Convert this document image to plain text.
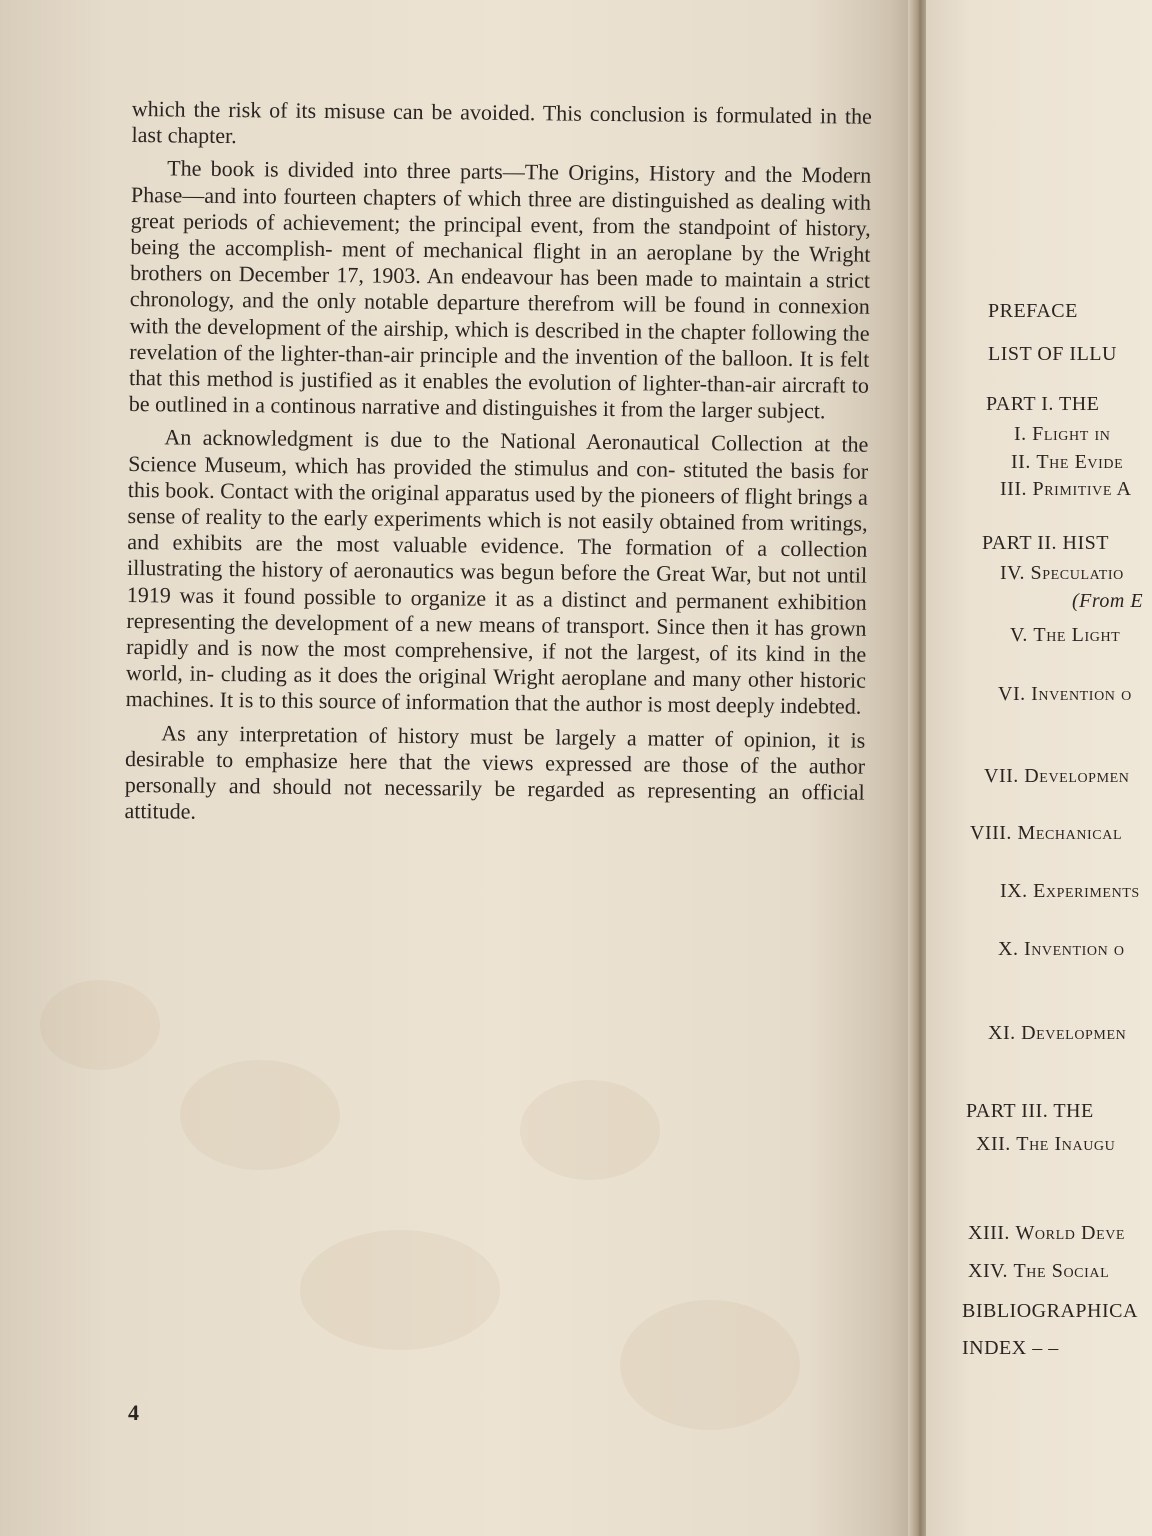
which the risk of its misuse can be avoided. This conclusion is formulated in the last chapter.

The book is divided into three parts—The Origins, History and the Modern Phase—and into fourteen chapters of which three are distinguished as dealing with great periods of achievement; the principal event, from the standpoint of history, being the accomplish- ment of mechanical flight in an aeroplane by the Wright brothers on December 17, 1903. An endeavour has been made to maintain a strict chronology, and the only notable departure therefrom will be found in connexion with the development of the airship, which is described in the chapter following the revelation of the lighter-than-air principle and the invention of the balloon. It is felt that this method is justified as it enables the evolution of lighter-than-air aircraft to be outlined in a continous narrative and distinguishes it from the larger subject.

An acknowledgment is due to the National Aeronautical Collection at the Science Museum, which has provided the stimulus and con- stituted the basis for this book. Contact with the original apparatus used by the pioneers of flight brings a sense of reality to the early experiments which is not easily obtained from writings, and exhibits are the most valuable evidence. The formation of a collection illustrating the history of aeronautics was begun before the Great War, but not until 1919 was it found possible to organize it as a distinct and permanent exhibition representing the development of a new means of transport. Since then it has grown rapidly and is now the most comprehensive, if not the largest, of its kind in the world, in- cluding as it does the original Wright aeroplane and many other historic machines. It is to this source of information that the author is most deeply indebted.

As any interpretation of history must be largely a matter of opinion, it is desirable to emphasize here that the views expressed are those of the author personally and should not necessarily be regarded as representing an official attitude.

4
PREFACE
LIST OF ILLU
PART I. THE
I. Flight in
II. The Evide
III. Primitive A
PART II. HIST
IV. Speculatio
(From E
V. The Light
VI. Invention o
VII. Developmen
VIII. Mechanical
IX. Experiments
X. Invention o
XI. Developmen
PART III. THE
XII. The Inaugu
XIII. World Deve
XIV. The Social
BIBLIOGRAPHICA
INDEX – –
